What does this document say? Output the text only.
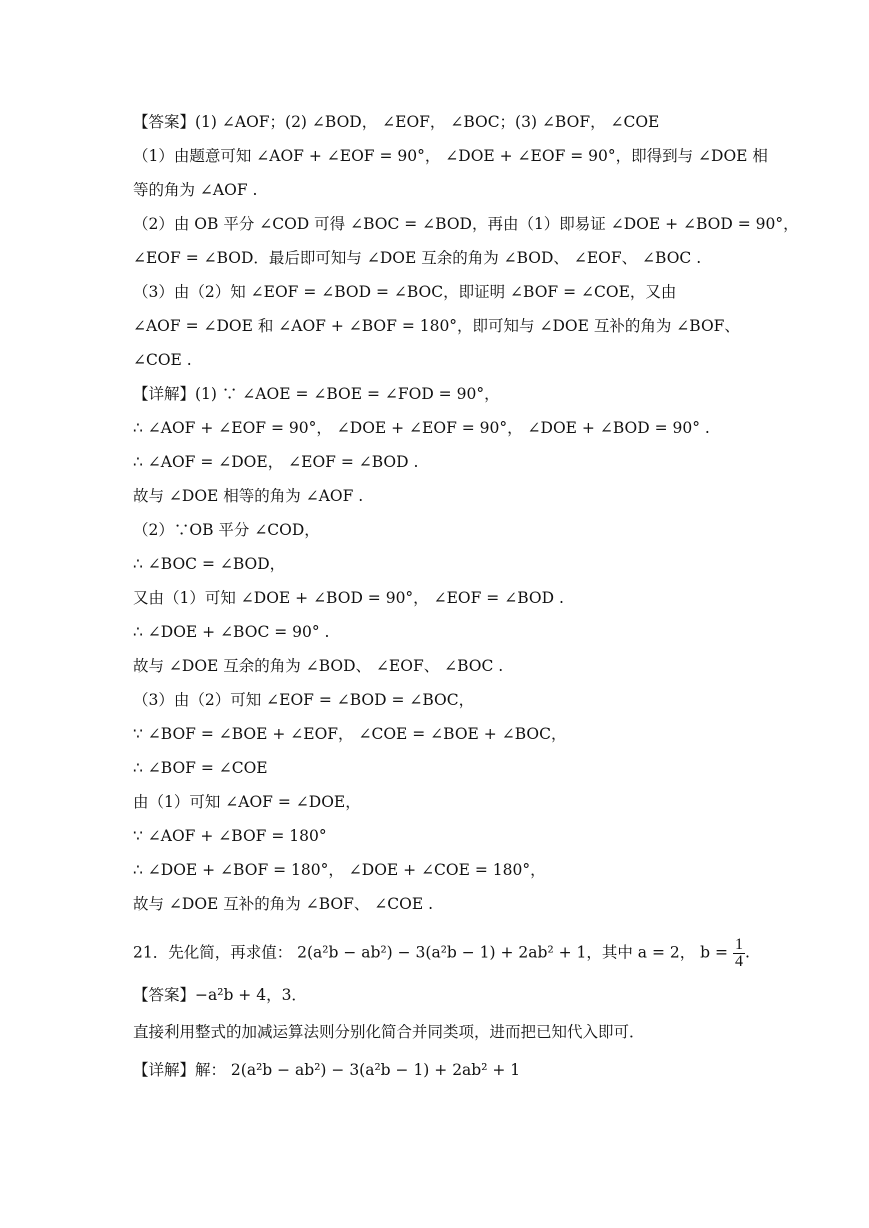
【答案】(1) ∠AOF；(2) ∠BOD， ∠EOF， ∠BOC；(3) ∠BOF， ∠COE
（1）由题意可知 ∠AOF + ∠EOF = 90°， ∠DOE + ∠EOF = 90°，即得到与 ∠DOE 相
等的角为 ∠AOF .
（2）由 OB 平分 ∠COD 可得 ∠BOC = ∠BOD，再由（1）即易证 ∠DOE + ∠BOD = 90°，
∠EOF = ∠BOD．最后即可知与 ∠DOE 互余的角为 ∠BOD、 ∠EOF、 ∠BOC .
（3）由（2）知 ∠EOF = ∠BOD = ∠BOC，即证明 ∠BOF = ∠COE，又由
∠AOF = ∠DOE 和 ∠AOF + ∠BOF = 180°，即可知与 ∠DOE 互补的角为 ∠BOF、
∠COE .
【详解】(1) ∵ ∠AOE = ∠BOE = ∠FOD = 90°，
∴ ∠AOF + ∠EOF = 90°， ∠DOE + ∠EOF = 90°， ∠DOE + ∠BOD = 90° .
∴ ∠AOF = ∠DOE， ∠EOF = ∠BOD .
故与 ∠DOE 相等的角为 ∠AOF .
（2）∵OB 平分 ∠COD，
∴ ∠BOC = ∠BOD，
又由（1）可知 ∠DOE + ∠BOD = 90°， ∠EOF = ∠BOD .
∴ ∠DOE + ∠BOC = 90° .
故与 ∠DOE 互余的角为 ∠BOD、 ∠EOF、 ∠BOC .
（3）由（2）可知 ∠EOF = ∠BOD = ∠BOC，
∵ ∠BOF = ∠BOE + ∠EOF， ∠COE = ∠BOE + ∠BOC，
∴ ∠BOF = ∠COE
由（1）可知 ∠AOF = ∠DOE，
∵ ∠AOF + ∠BOF = 180°
∴ ∠DOE + ∠BOF = 180°， ∠DOE + ∠COE = 180°，
故与 ∠DOE 互补的角为 ∠BOF、 ∠COE .
21．先化简，再求值： 2(a²b − ab²) − 3(a²b − 1) + 2ab² + 1，其中 a = 2， $b = \frac{1}{4}$ .
【答案】−a²b + 4，3．
直接利用整式的加减运算法则分别化简合并同类项，进而把已知代入即可．
【详解】解： 2(a²b − ab²) − 3(a²b − 1) + 2ab² + 1
